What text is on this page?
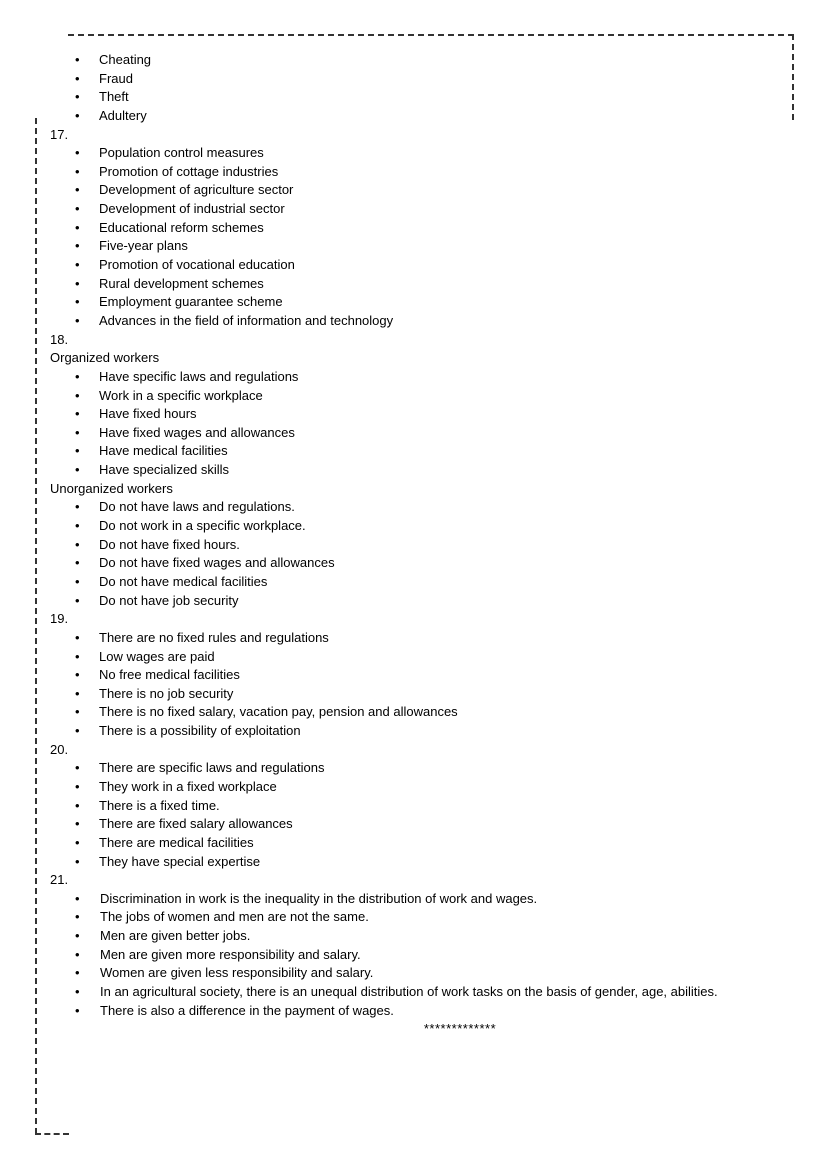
• Cheating
• Fraud
• Theft
• Adultery
17.
• Population control measures
• Promotion of cottage industries
• Development of agriculture sector
• Development of industrial sector
• Educational reform schemes
• Five-year plans
• Promotion of vocational education
• Rural development schemes
• Employment guarantee scheme
• Advances in the field of information and technology
18.
Organized workers
• Have specific laws and regulations
• Work in a specific workplace
• Have fixed hours
• Have fixed wages and allowances
• Have medical facilities
• Have specialized skills
Unorganized workers
• Do not have laws and regulations.
• Do not work in a specific workplace.
• Do not have fixed hours.
• Do not have fixed wages and allowances
• Do not have medical facilities
• Do not have job security
19.
• There are no fixed rules and regulations
• Low wages are paid
• No free medical facilities
• There is no job security
• There is no fixed salary, vacation pay, pension and allowances
• There is a possibility of exploitation
20.
• There are specific laws and regulations
• They work in a fixed workplace
• There is a fixed time.
• There are fixed salary allowances
• There are medical facilities
• They have special expertise
21.
• Discrimination in work is the inequality in the distribution of work and wages.
• The jobs of women and men are not the same.
• Men are given better jobs.
• Men are given more responsibility and salary.
• Women are given less responsibility and salary.
• In an agricultural society, there is an unequal distribution of work tasks on the basis of gender, age, abilities.
• There is also a difference in the payment of wages.
*************
